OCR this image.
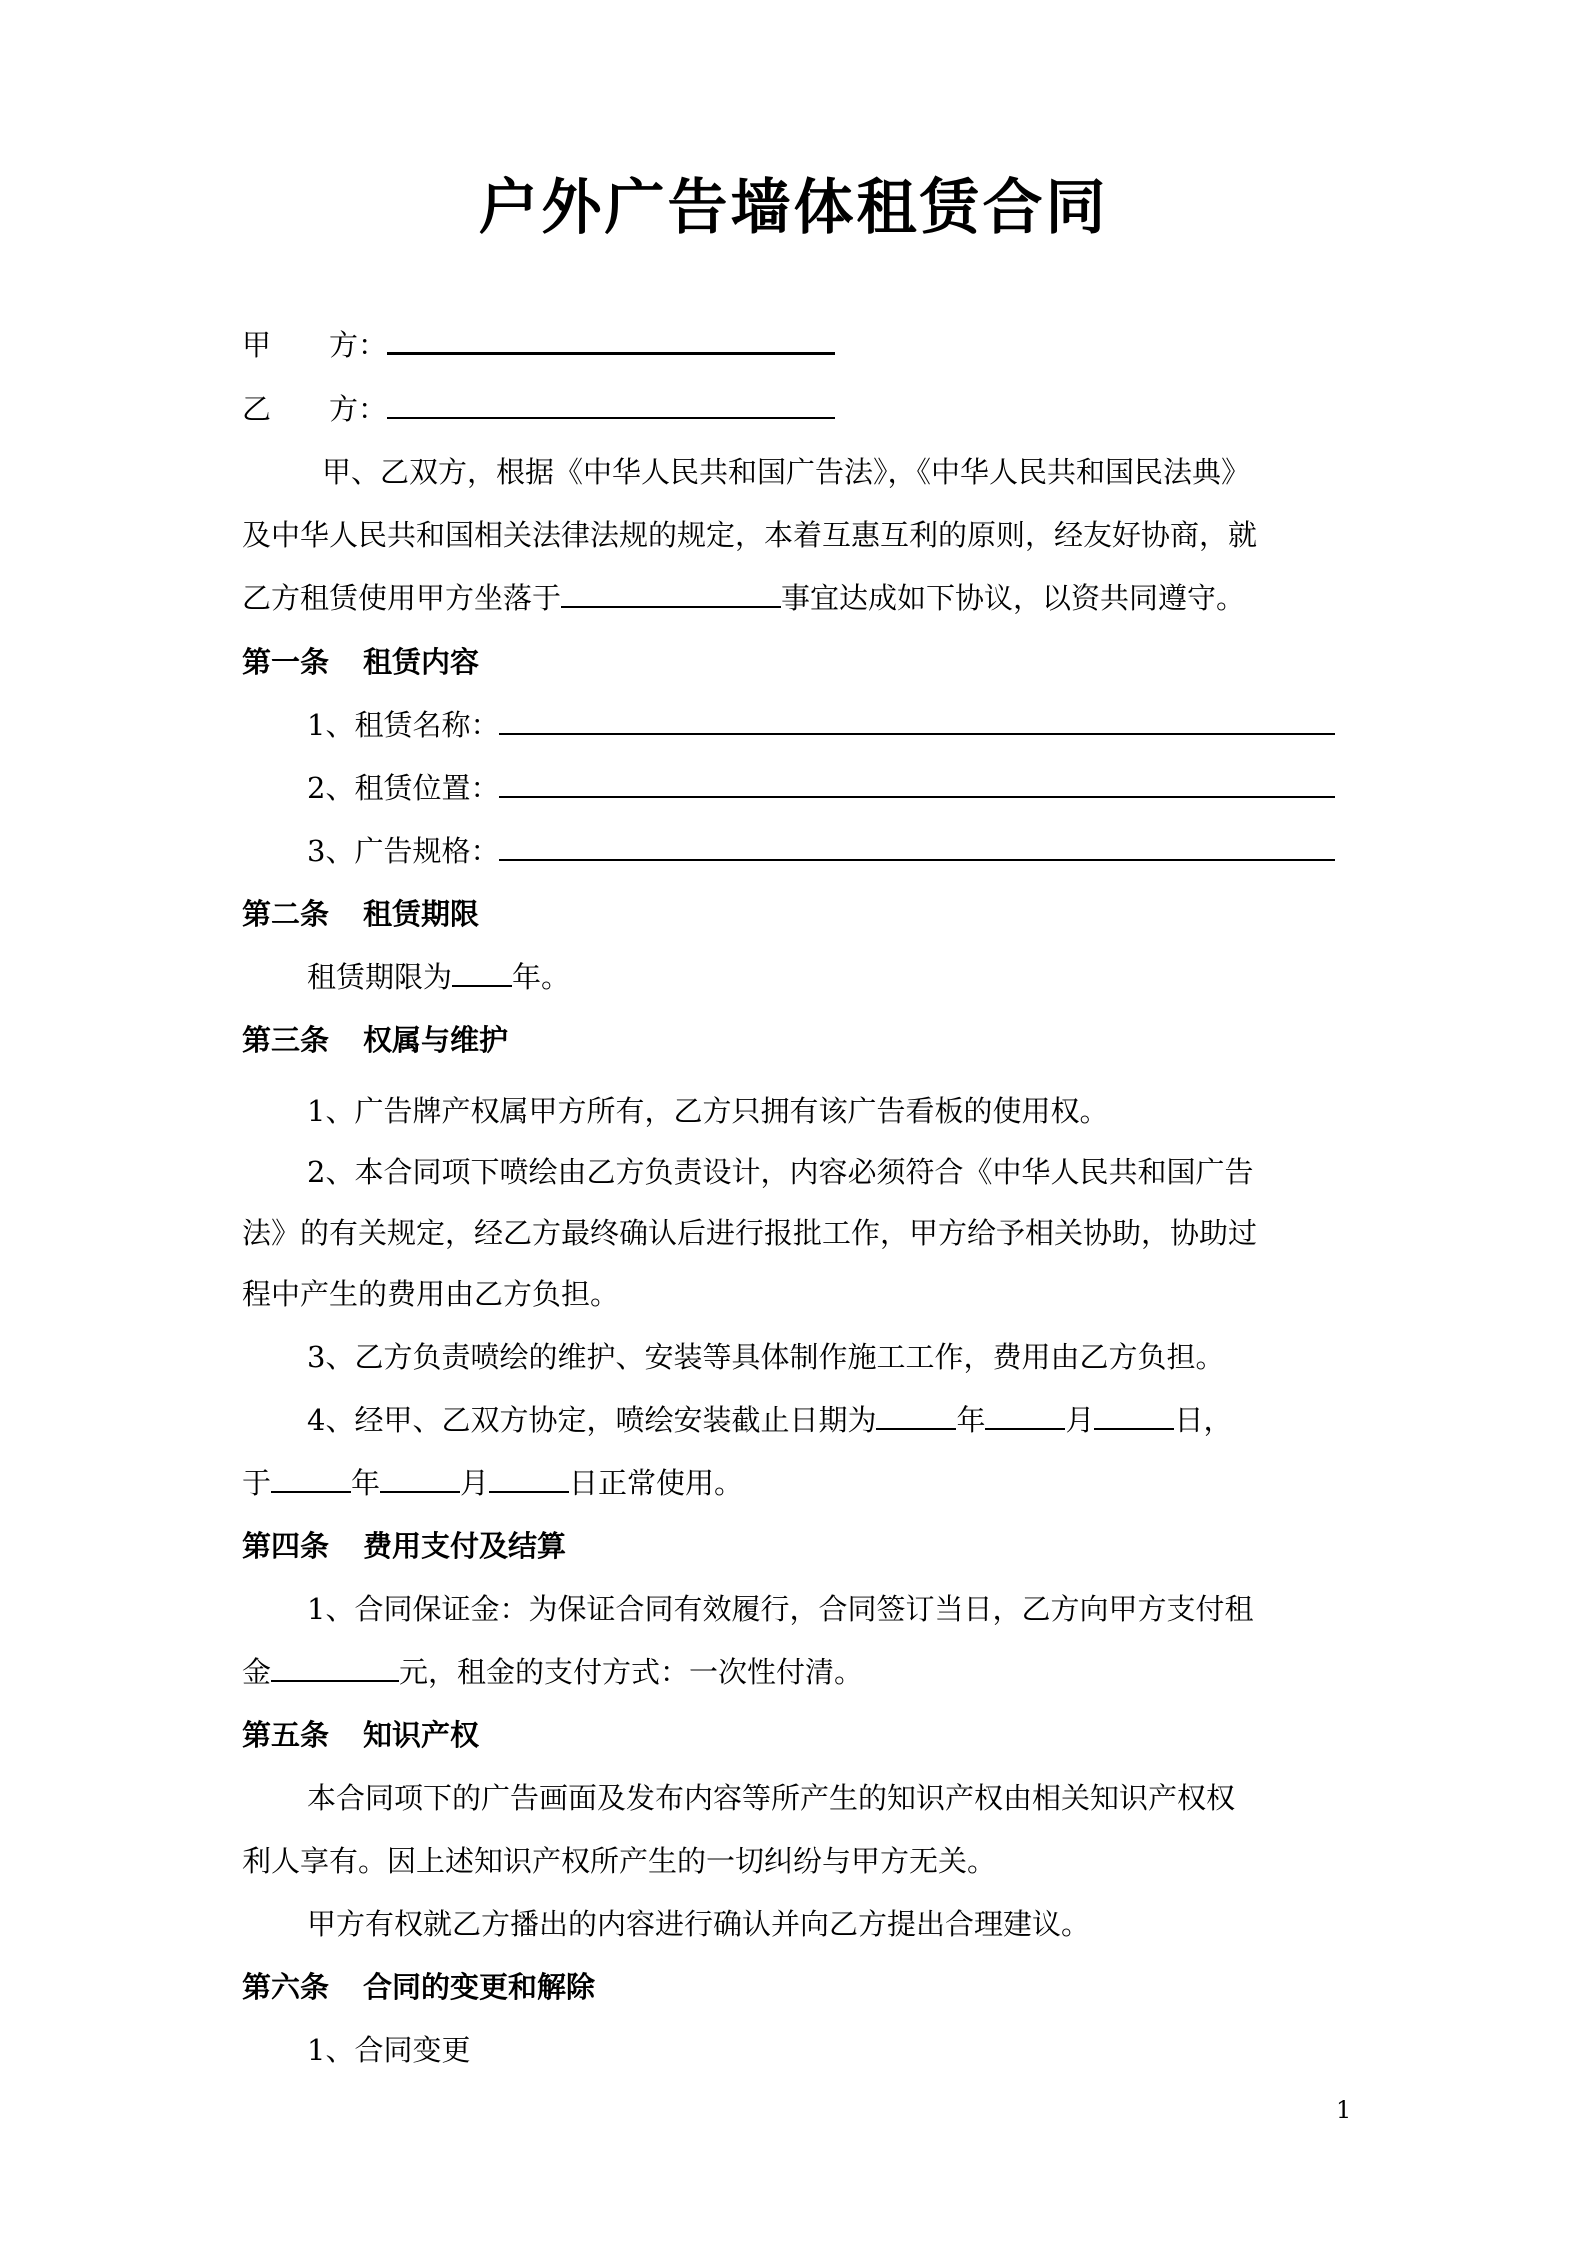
户外广告墙体租赁合同
甲　　方：
乙　　方：
甲、乙双方，根据《中华人民共和国广告法》，《中华人民共和国民法典》
及中华人民共和国相关法律法规的规定，本着互惠互利的原则，经友好协商，就
乙方租赁使用甲方坐落于	事宜达成如下协议，以资共同遵守。
第一条 租赁内容
1、租赁名称：
2、租赁位置：
3、广告规格：
第二条 租赁期限
租赁期限为 年。
第三条 权属与维护
1、广告牌产权属甲方所有，乙方只拥有该广告看板的使用权。
2、本合同项下喷绘由乙方负责设计，内容必须符合《中华人民共和国广告
法》的有关规定，经乙方最终确认后进行报批工作，甲方给予相关协助，协助过
程中产生的费用由乙方负担。
3、乙方负责喷绘的维护、安装等具体制作施工工作，费用由乙方负担。
4、经甲、乙双方协定，喷绘安装截止日期为	年	月	日，
于	年	月	日正常使用。
第四条 费用支付及结算
1、合同保证金：为保证合同有效履行，合同签订当日，乙方向甲方支付租
金	元，租金的支付方式：一次性付清。
第五条 知识产权
本合同项下的广告画面及发布内容等所产生的知识产权由相关知识产权权
利人享有。因上述知识产权所产生的一切纠纷与甲方无关。
甲方有权就乙方播出的内容进行确认并向乙方提出合理建议。
第六条 合同的变更和解除
1、合同变更
1
